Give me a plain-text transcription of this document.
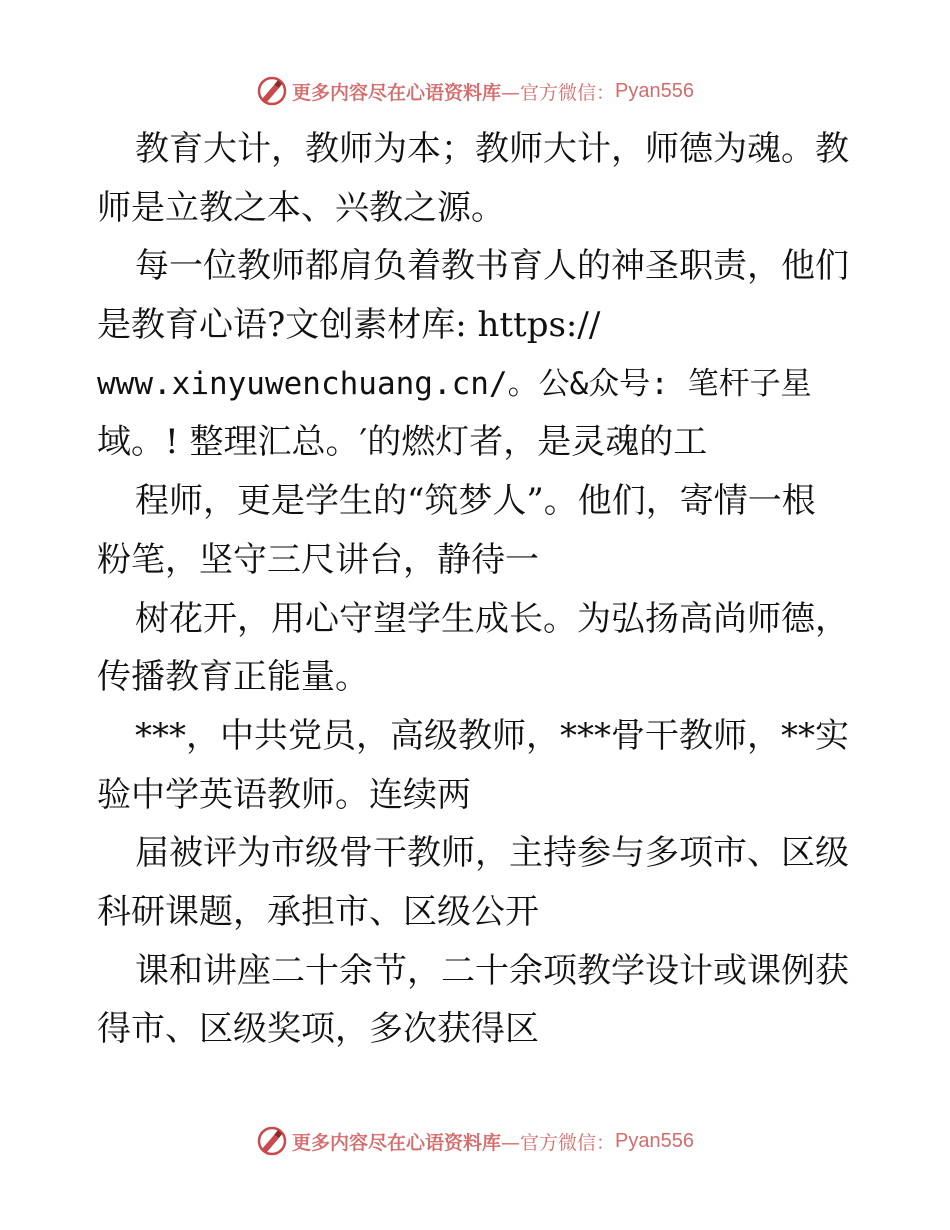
更多内容尽在心语资料库 —官方微信： Pyan556
教育大计，教师为本；教师大计，师德为魂。教
师是立教之本、兴教之源。
每一位教师都肩负着教书育人的神圣职责，他们
是教育心语?文创素材库: https://
www.xinyuwenchuang.cn/。公&众号: 笔杆子星
域。! 整理汇总。′的燃灯者，是灵魂的工
程师，更是学生的“筑梦人”。他们，寄情一根
粉笔，坚守三尺讲台，静待一
树花开，用心守望学生成长。为弘扬高尚师德，
传播教育正能量。
***，中共党员，高级教师，***骨干教师，**实
验中学英语教师。连续两
届被评为市级骨干教师，主持参与多项市、区级
科研课题，承担市、区级公开
课和讲座二十余节，二十余项教学设计或课例获
得市、区级奖项，多次获得区
更多内容尽在心语资料库 —官方微信： Pyan556
